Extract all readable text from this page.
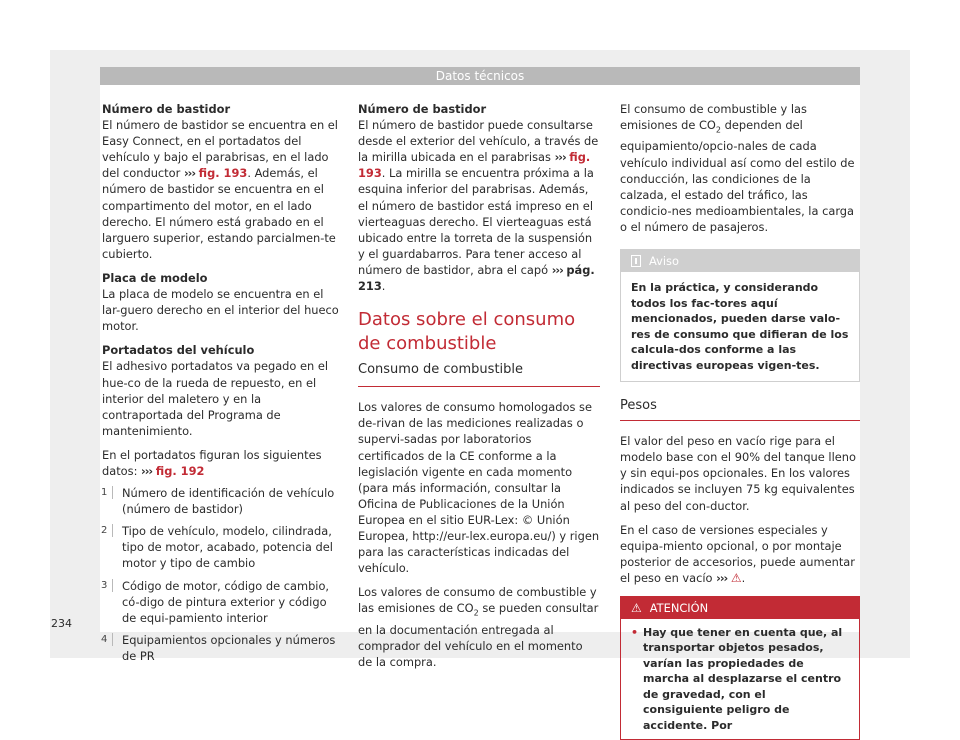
Datos técnicos

Número de bastidor
El número de bastidor se encuentra en el Easy Connect, en el portadatos del vehículo y bajo el parabrisas, en el lado del conductor ››› fig. 193. Además, el número de bastidor se encuentra en el compartimento del motor, en el lado derecho. El número está grabado en el larguero superior, estando parcialmen-te cubierto.

Placa de modelo
La placa de modelo se encuentra en el lar-guero derecho en el interior del hueco motor.

Portadatos del vehículo
El adhesivo portadatos va pegado en el hue-co de la rueda de repuesto, en el interior del maletero y en la contraportada del Programa de mantenimiento.

En el portadatos figuran los siguientes datos: ››› fig. 192

1	Número de identificación de vehículo (número de bastidor)
2	Tipo de vehículo, modelo, cilindrada, tipo de motor, acabado, potencia del motor y tipo de cambio
3	Código de motor, código de cambio, có-digo de pintura exterior y código de equi-pamiento interior
4	Equipamientos opcionales y números de PR

Número de bastidor
El número de bastidor puede consultarse desde el exterior del vehículo, a través de la mirilla ubicada en el parabrisas ››› fig. 193. La mirilla se encuentra próxima a la esquina inferior del parabrisas. Además, el número de bastidor está impreso en el vierteaguas derecho. El vierteaguas está ubicado entre la torreta de la suspensión y el guardabarros. Para tener acceso al número de bastidor, abra el capó ››› pág. 213.

Datos sobre el consumo de combustible
Consumo de combustible

Los valores de consumo homologados se de-rivan de las mediciones realizadas o supervi-sadas por laboratorios certificados de la CE conforme a la legislación vigente en cada momento (para más información, consultar la Oficina de Publicaciones de la Unión Europea en el sitio EUR-Lex: © Unión Europea, http://eur-lex.europa.eu/) y rigen para las características indicadas del vehículo.

Los valores de consumo de combustible y las emisiones de $CO_2$ se pueden consultar en la documentación entregada al comprador del vehículo en el momento de la compra.

El consumo de combustible y las emisiones de $CO_2$ dependen del equipamiento/opcio-nales de cada vehículo individual así como del estilo de conducción, las condiciones de la calzada, el estado del tráfico, las condicio-nes medioambientales, la carga o el número de pasajeros.

Aviso
En la práctica, y considerando todos los fac-tores aquí mencionados, pueden darse valo-res de consumo que difieran de los calcula-dos conforme a las directivas europeas vigen-tes.
Pesos

El valor del peso en vacío rige para el modelo base con el 90% del tanque lleno y sin equi-pos opcionales. En los valores indicados se incluyen 75 kg equivalentes al peso del con-ductor.

En el caso de versiones especiales y equipa-miento opcional, o por montaje posterior de accesorios, puede aumentar el peso en vacío ››› ⚠.

⚠ ATENCIÓN
• Hay que tener en cuenta que, al transportar objetos pesados, varían las propiedades de marcha al desplazarse el centro de gravedad, con el consiguiente peligro de accidente. Por
234
